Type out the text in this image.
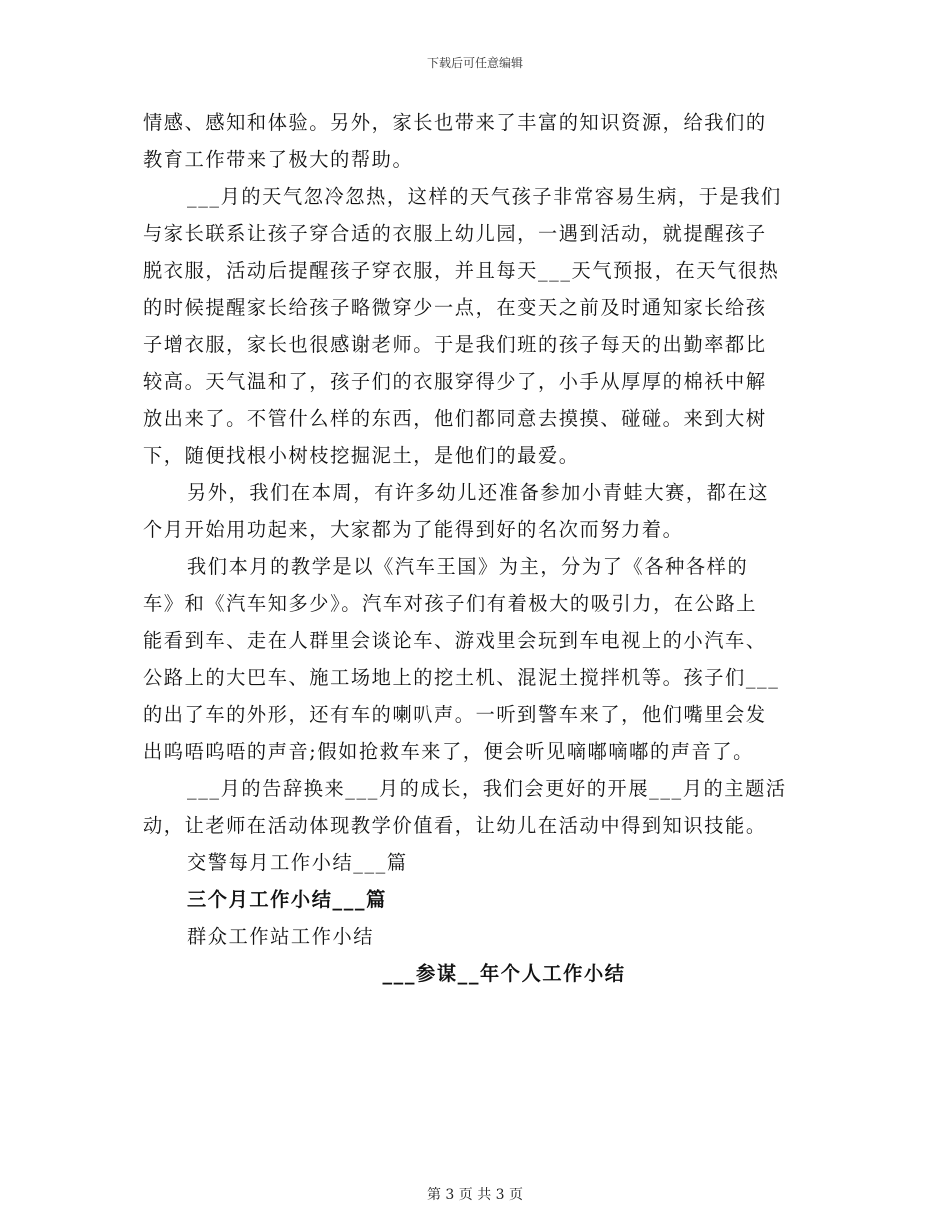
下载后可任意编辑
情感、感知和体验。另外，家长也带来了丰富的知识资源，给我们的
教育工作带来了极大的帮助。
___月的天气忽冷忽热，这样的天气孩子非常容易生病，于是我们
与家长联系让孩子穿合适的衣服上幼儿园，一遇到活动，就提醒孩子
脱衣服，活动后提醒孩子穿衣服，并且每天___天气预报，在天气很热
的时候提醒家长给孩子略微穿少一点，在变天之前及时通知家长给孩
子增衣服，家长也很感谢老师。于是我们班的孩子每天的出勤率都比
较高。天气温和了，孩子们的衣服穿得少了，小手从厚厚的棉袄中解
放出来了。不管什么样的东西，他们都同意去摸摸、碰碰。来到大树
下，随便找根小树枝挖掘泥土，是他们的最爱。
另外，我们在本周，有许多幼儿还准备参加小青蛙大赛，都在这
个月开始用功起来，大家都为了能得到好的名次而努力着。
我们本月的教学是以《汽车王国》为主，分为了《各种各样的
车》和《汽车知多少》。汽车对孩子们有着极大的吸引力，在公路上
能看到车、走在人群里会谈论车、游戏里会玩到车电视上的小汽车、
公路上的大巴车、施工场地上的挖土机、混泥土搅拌机等。孩子们___
的出了车的外形，还有车的喇叭声。一听到警车来了，他们嘴里会发
出呜唔呜唔的声音;假如抢救车来了，便会听见嘀嘟嘀嘟的声音了。
___月的告辞换来___月的成长，我们会更好的开展___月的主题活
动，让老师在活动体现教学价值看，让幼儿在活动中得到知识技能。
交警每月工作小结___篇
三个月工作小结___篇
群众工作站工作小结
___参谋__年个人工作小结
第 3 页 共 3 页
